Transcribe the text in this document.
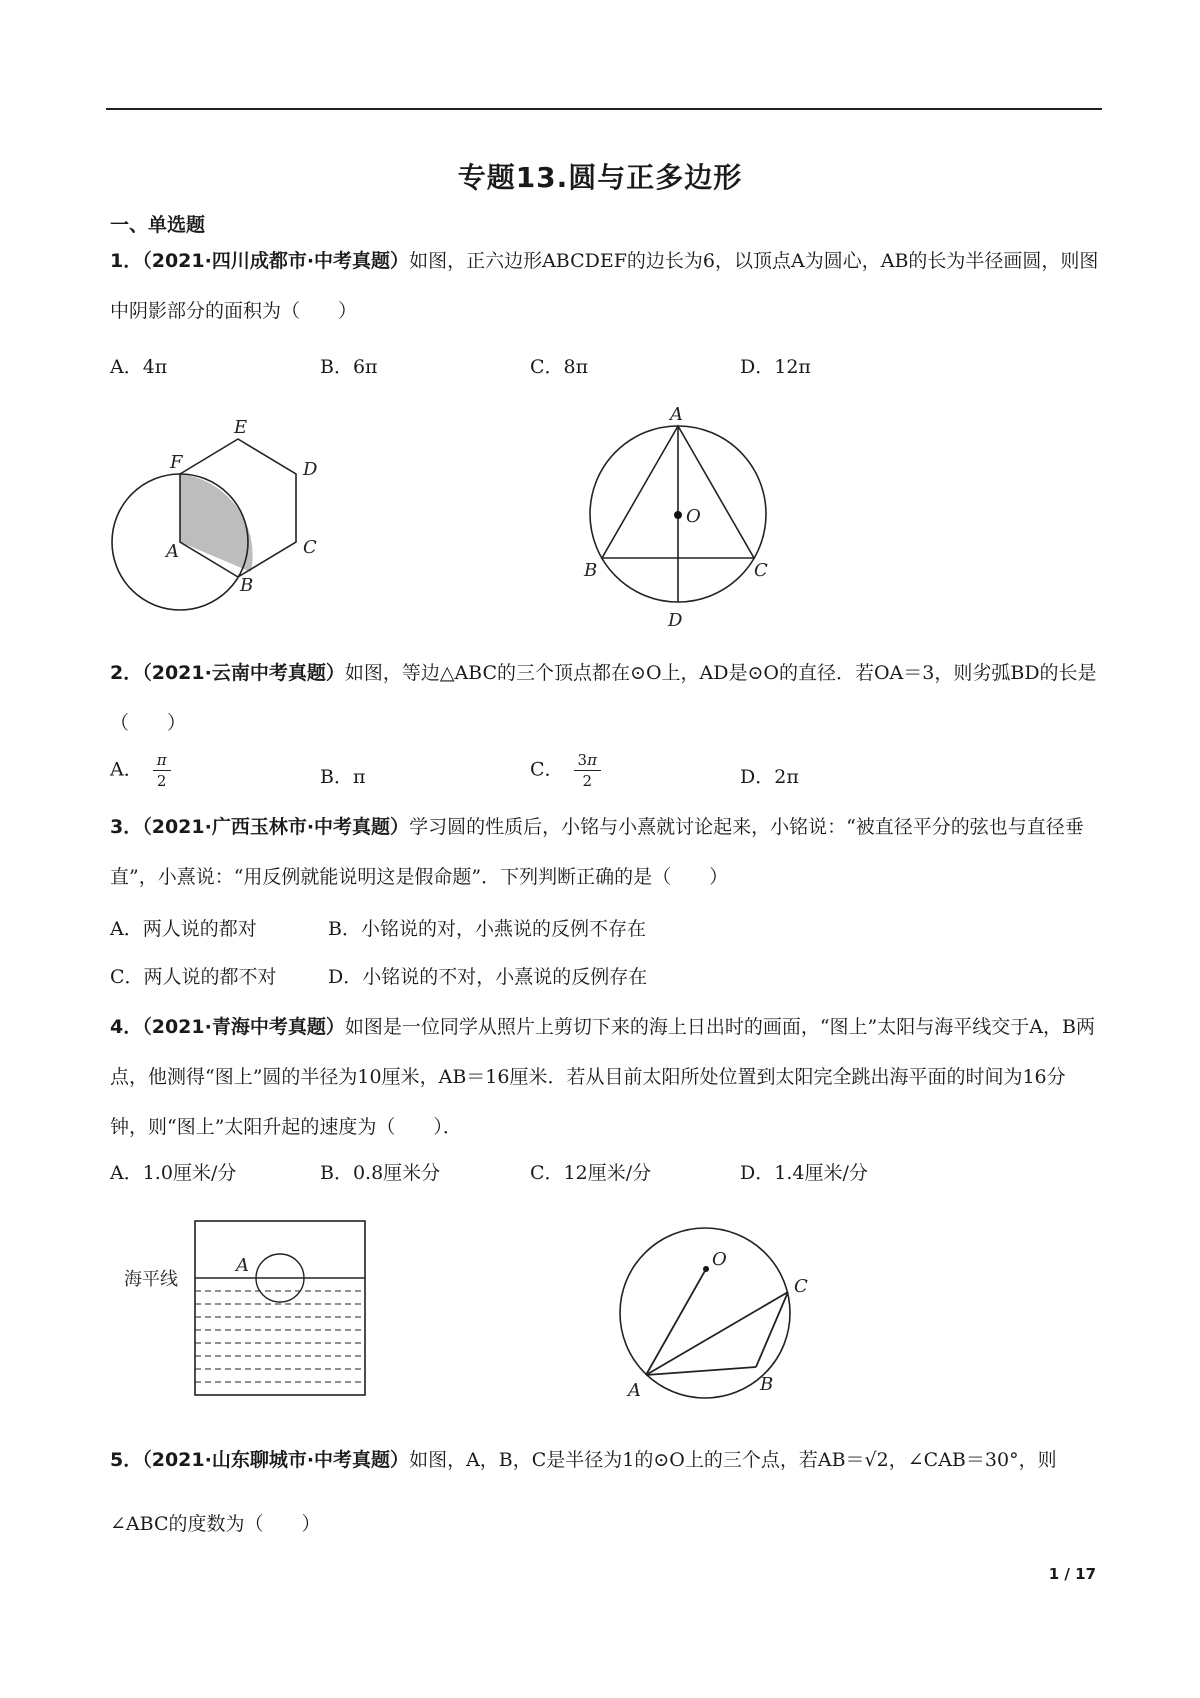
专题13.圆与正多边形
一、单选题
1．（2021·四川成都市·中考真题）如图，正六边形ABCDEF的边长为6，以顶点A为圆心，AB的长为半径画圆，则图中阴影部分的面积为（　　）
A．4π	B．6π	C．8π	D．12π
E
F	D
A	C
B
A
O
B	C
D
2．（2021·云南中考真题）如图，等边△ABC的三个顶点都在⊙O上，AD是⊙O的直径．若OA＝3，则劣弧BD的长是（　　）
A． $\frac{\pi}{2}$	B．π	C． $\frac{3\pi}{2}$	D．2π
3．（2021·广西玉林市·中考真题）学习圆的性质后，小铭与小熹就讨论起来，小铭说：“被直径平分的弦也与直径垂直”，小熹说：“用反例就能说明这是假命题”．下列判断正确的是（　　）
A．两人说的都对	B．小铭说的对，小燕说的反例不存在
C．两人说的都不对	D．小铭说的不对，小熹说的反例存在
4．（2021·青海中考真题）如图是一位同学从照片上剪切下来的海上日出时的画面，“图上”太阳与海平线交于A，B两点，他测得“图上”圆的半径为10厘米，AB＝16厘米．若从目前太阳所处位置到太阳完全跳出海平面的时间为16分钟，则“图上”太阳升起的速度为（　　）．
A．1.0厘米/分	B．0.8厘米分	C．12厘米/分	D．1.4厘米/分
海平线
A	O
C
A	B
5．（2021·山东聊城市·中考真题）如图，A，B，C是半径为1的⊙O上的三个点，若AB＝√2，∠CAB＝30°，则∠ABC的度数为（　　）
1 / 17
